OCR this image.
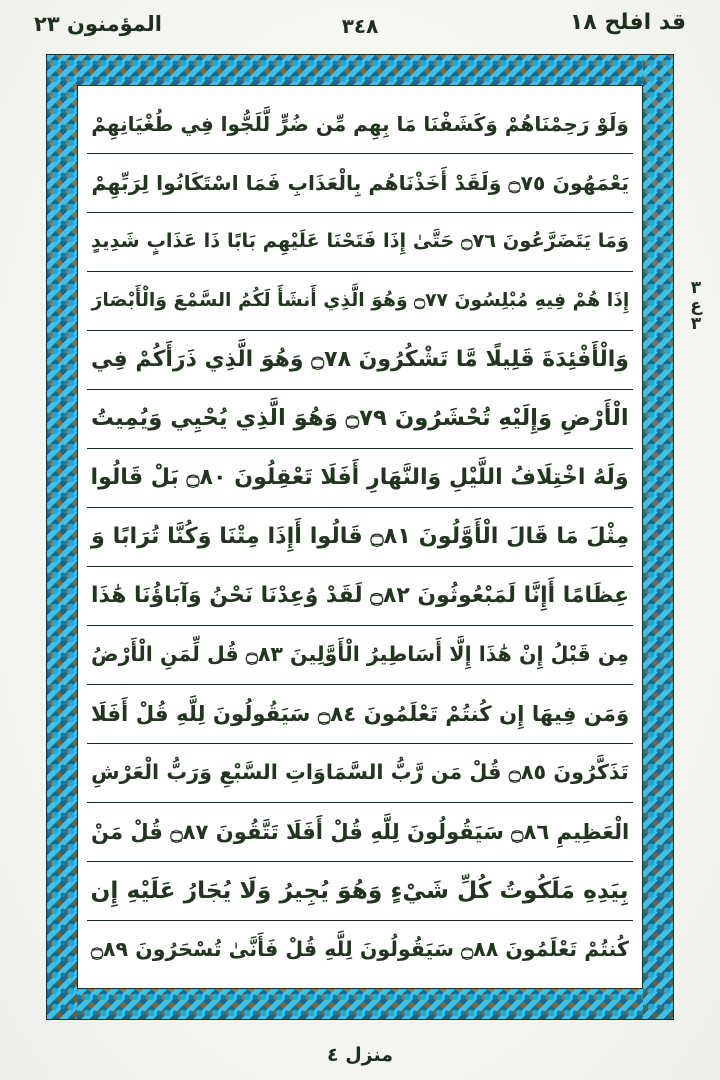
المؤمنون ٢٣	٣٤٨	قد افلح ١٨
٣
ع
٣
وَلَوْ رَحِمْنَاهُمْ وَكَشَفْنَا مَا بِهِم مِّن ضُرٍّ لَّلَجُّوا فِي طُغْيَانِهِمْ
يَعْمَهُونَ ۝٧٥ وَلَقَدْ أَخَذْنَاهُم بِالْعَذَابِ فَمَا اسْتَكَانُوا لِرَبِّهِمْ
وَمَا يَتَضَرَّعُونَ ۝٧٦ حَتَّىٰ إِذَا فَتَحْنَا عَلَيْهِم بَابًا ذَا عَذَابٍ شَدِيدٍ
إِذَا هُمْ فِيهِ مُبْلِسُونَ ۝٧٧ وَهُوَ الَّذِي أَنشَأَ لَكُمُ السَّمْعَ وَالْأَبْصَارَ
وَالْأَفْئِدَةَ قَلِيلًا مَّا تَشْكُرُونَ ۝٧٨ وَهُوَ الَّذِي ذَرَأَكُمْ فِي
الْأَرْضِ وَإِلَيْهِ تُحْشَرُونَ ۝٧٩ وَهُوَ الَّذِي يُحْيِي وَيُمِيتُ
وَلَهُ اخْتِلَافُ اللَّيْلِ وَالنَّهَارِ أَفَلَا تَعْقِلُونَ ۝٨٠ بَلْ قَالُوا
مِثْلَ مَا قَالَ الْأَوَّلُونَ ۝٨١ قَالُوا أَإِذَا مِتْنَا وَكُنَّا تُرَابًا وَ
عِظَامًا أَإِنَّا لَمَبْعُوثُونَ ۝٨٢ لَقَدْ وُعِدْنَا نَحْنُ وَآبَاؤُنَا هَٰذَا
مِن قَبْلُ إِنْ هَٰذَا إِلَّا أَسَاطِيرُ الْأَوَّلِينَ ۝٨٣ قُل لِّمَنِ الْأَرْضُ
وَمَن فِيهَا إِن كُنتُمْ تَعْلَمُونَ ۝٨٤ سَيَقُولُونَ لِلَّهِ قُلْ أَفَلَا
تَذَكَّرُونَ ۝٨٥ قُلْ مَن رَّبُّ السَّمَاوَاتِ السَّبْعِ وَرَبُّ الْعَرْشِ
الْعَظِيمِ ۝٨٦ سَيَقُولُونَ لِلَّهِ قُلْ أَفَلَا تَتَّقُونَ ۝٨٧ قُلْ مَنْ
بِيَدِهِ مَلَكُوتُ كُلِّ شَيْءٍ وَهُوَ يُجِيرُ وَلَا يُجَارُ عَلَيْهِ إِن
كُنتُمْ تَعْلَمُونَ ۝٨٨ سَيَقُولُونَ لِلَّهِ قُلْ فَأَنَّىٰ تُسْحَرُونَ ۝٨٩
منزل ٤
